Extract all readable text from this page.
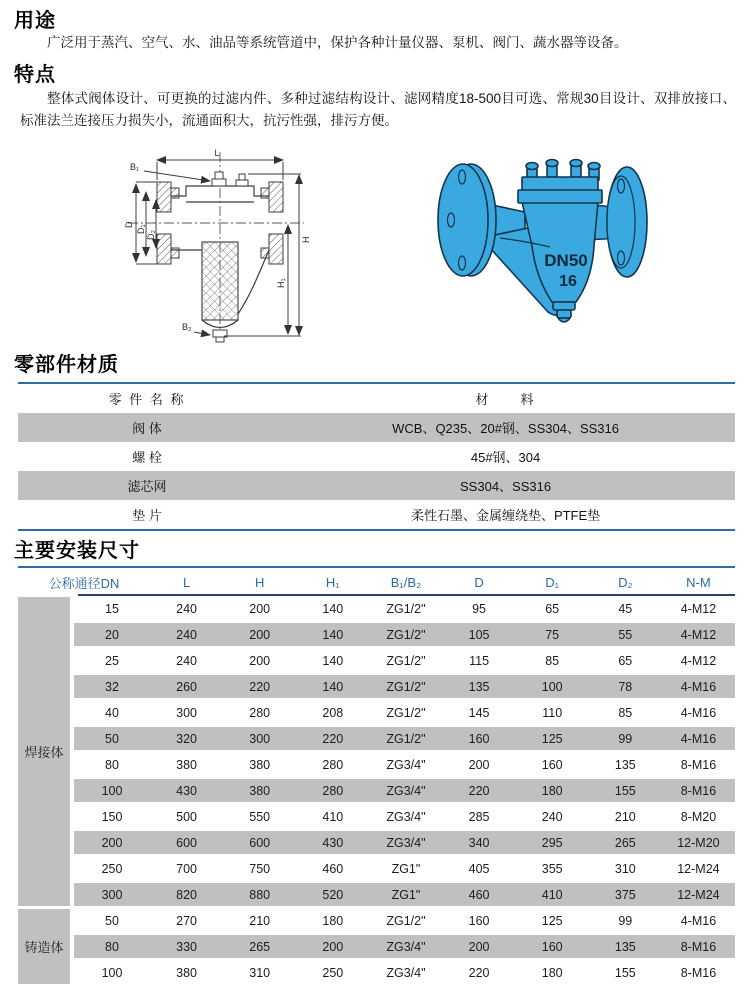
用途

广泛用于蒸汽、空气、水、油品等系统管道中，保护各种计量仪器、泵机、阀门、蔬水器等设备。

特点

整体式阀体设计、可更换的过滤内件、多种过滤结构设计、滤网精度18-500目可选、常规30目设计、双排放接口、标准法兰连接压力损失小，流通面积大，抗污性强，排污方便。

L
B₁
D D₁
D₂	H
H₁
B₂
DN50
16
零部件材质
零 件 名 称	材　　料
阀 体	WCB、Q235、20#钢、SS304、SS316
螺 栓	45#钢、304
滤芯网	SS304、SS316
垫 片	柔性石墨、金属缠绕垫、PTFE垫
主要安装尺寸
公称通径DN		L	H	H₁	B₁/B₂	D	D₁	D₂	N-M
焊接体	15	240	200	140	ZG1/2"	95	65	45	4-M12
	20	240	200	140	ZG1/2"	105	75	55	4-M12
	25	240	200	140	ZG1/2"	115	85	65	4-M12
	32	260	220	140	ZG1/2"	135	100	78	4-M16
	40	300	280	208	ZG1/2"	145	110	85	4-M16
	50	320	300	220	ZG1/2"	160	125	99	4-M16
	80	380	380	280	ZG3/4"	200	160	135	8-M16
	100	430	380	280	ZG3/4"	220	180	155	8-M16
	150	500	550	410	ZG3/4"	285	240	210	8-M20
	200	600	600	430	ZG3/4"	340	295	265	12-M20
	250	700	750	460	ZG1"	405	355	310	12-M24
	300	820	880	520	ZG1"	460	410	375	12-M24
铸造体	50	270	210	180	ZG1/2"	160	125	99	4-M16
	80	330	265	200	ZG3/4"	200	160	135	8-M16
	100	380	310	250	ZG3/4"	220	180	155	8-M16
